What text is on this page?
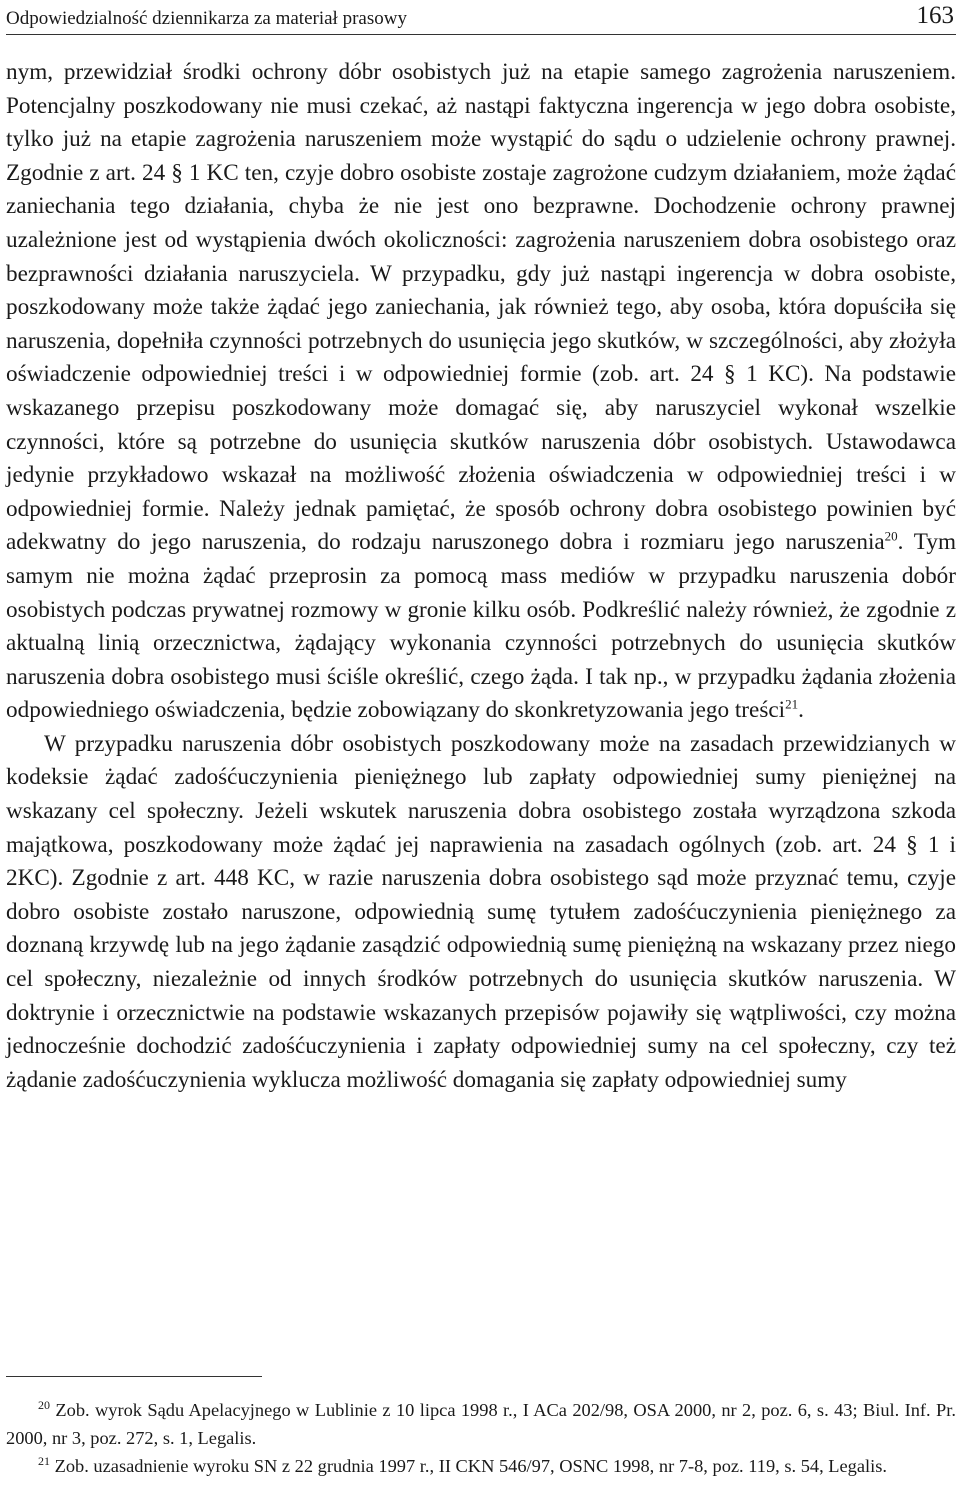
Odpowiedzialność dziennikarza za materiał prasowy	163

nym, przewidział środki ochrony dóbr osobistych już na etapie samego zagrożenia naruszeniem. Potencjalny poszkodowany nie musi czekać, aż nastąpi faktyczna ingerencja w jego dobra osobiste, tylko już na etapie zagrożenia naruszeniem może wystąpić do sądu o udzielenie ochrony prawnej. Zgodnie z art. 24 § 1 KC ten, czyje dobro osobiste zostaje zagrożone cudzym działaniem, może żądać zaniechania tego działania, chyba że nie jest ono bezprawne. Dochodzenie ochrony prawnej uzależnione jest od wystąpienia dwóch okoliczności: zagrożenia naruszeniem dobra osobistego oraz bezprawności działania naruszyciela. W przypadku, gdy już nastąpi ingerencja w dobra osobiste, poszkodowany może także żądać jego zaniechania, jak również tego, aby osoba, która dopuściła się naruszenia, dopełniła czynności potrzebnych do usunięcia jego skutków, w szczególności, aby złożyła oświadczenie odpowiedniej treści i w odpowiedniej formie (zob. art. 24 § 1 KC). Na podstawie wskazanego przepisu poszkodowany może domagać się, aby naruszyciel wykonał wszelkie czynności, które są potrzebne do usunięcia skutków naruszenia dóbr osobistych. Ustawodawca jedynie przykładowo wskazał na możliwość złożenia oświadczenia w odpowiedniej treści i w odpowiedniej formie. Należy jednak pamiętać, że sposób ochrony dobra osobistego powinien być adekwatny do jego naruszenia, do rodzaju naruszonego dobra i rozmiaru jego naruszenia$^{20}$. Tym samym nie można żądać przeprosin za pomocą mass mediów w przypadku naruszenia dobór osobistych podczas prywatnej rozmowy w gronie kilku osób. Podkreślić należy również, że zgodnie z aktualną linią orzecznictwa, żądający wykonania czynności potrzebnych do usunięcia skutków naruszenia dobra osobistego musi ściśle określić, czego żąda. I tak np., w przypadku żądania złożenia odpowiedniego oświadczenia, będzie zobowiązany do skonkretyzowania jego treści$^{21}$.

W przypadku naruszenia dóbr osobistych poszkodowany może na zasadach przewidzianych w kodeksie żądać zadośćuczynienia pieniężnego lub zapłaty odpowiedniej sumy pieniężnej na wskazany cel społeczny. Jeżeli wskutek naruszenia dobra osobistego została wyrządzona szkoda majątkowa, poszkodowany może żądać jej naprawienia na zasadach ogólnych (zob. art. 24 § 1 i 2KC). Zgodnie z art. 448 KC, w razie naruszenia dobra osobistego sąd może przyznać temu, czyje dobro osobiste zostało naruszone, odpowiednią sumę tytułem zadośćuczynienia pieniężnego za doznaną krzywdę lub na jego żądanie zasądzić odpowiednią sumę pieniężną na wskazany przez niego cel społeczny, niezależnie od innych środków potrzebnych do usunięcia skutków naruszenia. W doktrynie i orzecznictwie na podstawie wskazanych przepisów pojawiły się wątpliwości, czy można jednocześnie dochodzić zadośćuczynienia i zapłaty odpowiedniej sumy na cel społeczny, czy też żądanie zadośćuczynienia wyklucza możliwość domagania się zapłaty odpowiedniej sumy

$^{20}$ Zob. wyrok Sądu Apelacyjnego w Lublinie z 10 lipca 1998 r., I ACa 202/98, OSA 2000, nr 2, poz. 6, s. 43; Biul. Inf. Pr. 2000, nr 3, poz. 272, s. 1, Legalis.

$^{21}$ Zob. uzasadnienie wyroku SN z 22 grudnia 1997 r., II CKN 546/97, OSNC 1998, nr 7-8, poz. 119, s. 54, Legalis.
